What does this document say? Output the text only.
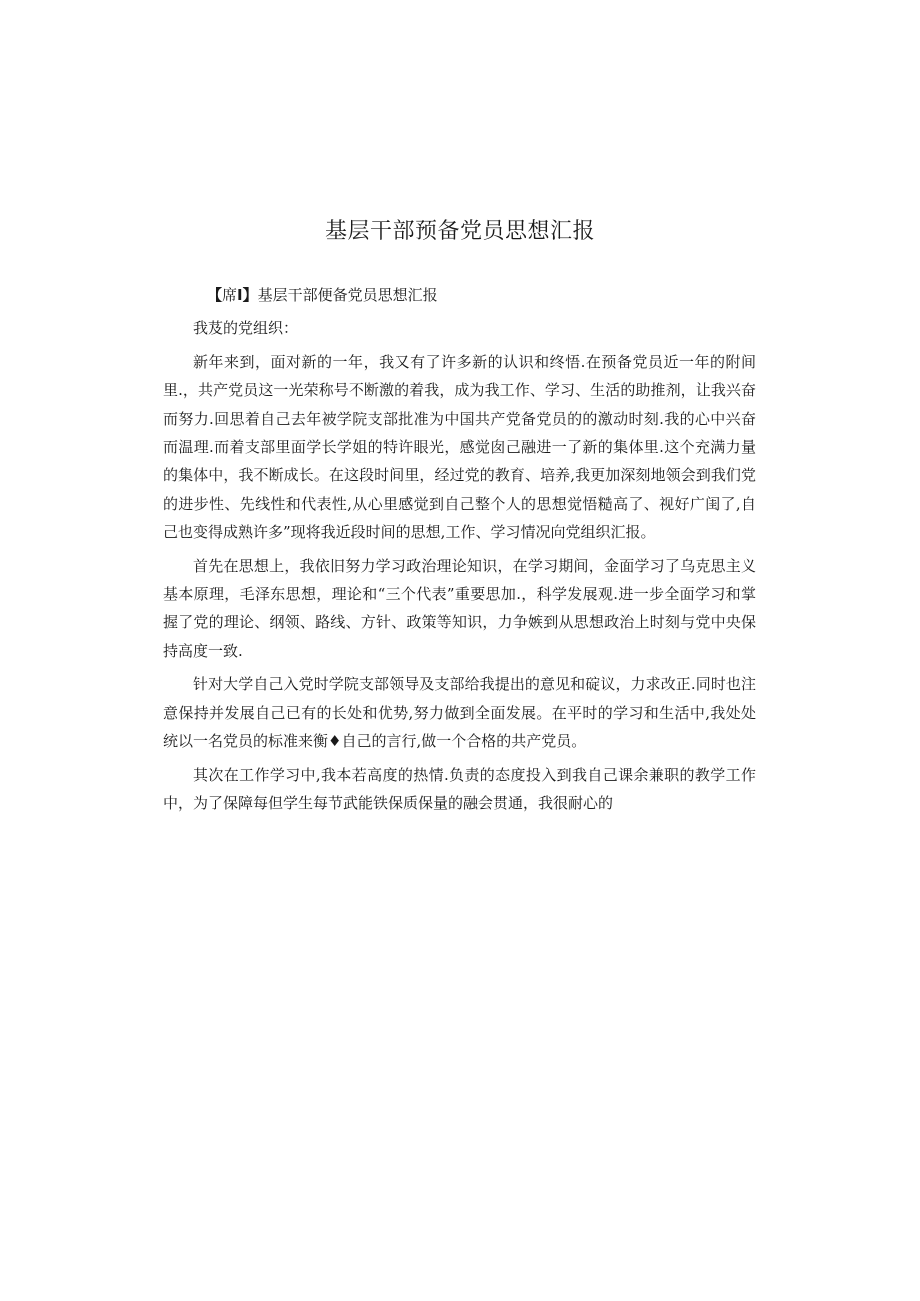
基层干部预备党员思想汇报

【席I】基层干部便备党员思想汇报

我芨的党组织：

新年来到，面对新的一年，我又有了许多新的认识和终悟.在预备党员近一年的附间里.，共产党员这一光荣称号不断激的着我，成为我工作、学习、生活的助推剂，让我兴奋而努力.回思着自己去年被学院支部批准为中国共产党备党员的的激动时刻.我的心中兴奋而温理.而着支部里面学长学姐的特许眼光，感觉囱己融进一了新的集体里.这个充满力量的集体中，我不断成长。在这段时间里，经过党的教育、培养,我更加深刻地领会到我们党的进步性、先线性和代表性,从心里感觉到自己整个人的思想觉悟糙高了、视好广闺了,自己也变得成熟许多”现将我近段时间的思想,工作、学习情况向党组织汇报。

首先在思想上，我依旧努力学习政治理论知识，在学习期间，金面学习了乌克思主义基本原理，毛泽东思想，理论和“三个代表”重要思加.，科学发展观.进一步全面学习和掌握了党的理论、纲领、路线、方针、政策等知识，力争嫉到从思想政治上时刻与党中央保持高度一致.

针对大学自己入党时学院支部领导及支部给我提出的意见和碇议，力求改正.同时也注意保持并发展自己已有的长处和优势,努力做到全面发展。在平时的学习和生活中,我处处统以一名党员的标准来衡♦自己的言行,做一个合格的共产党员。

其次在工作学习中,我本若高度的热情.负责的态度投入到我自己课余兼职的教学工作中，为了保障每但学生每节武能铁保质保量的融会贯通，我很耐心的
